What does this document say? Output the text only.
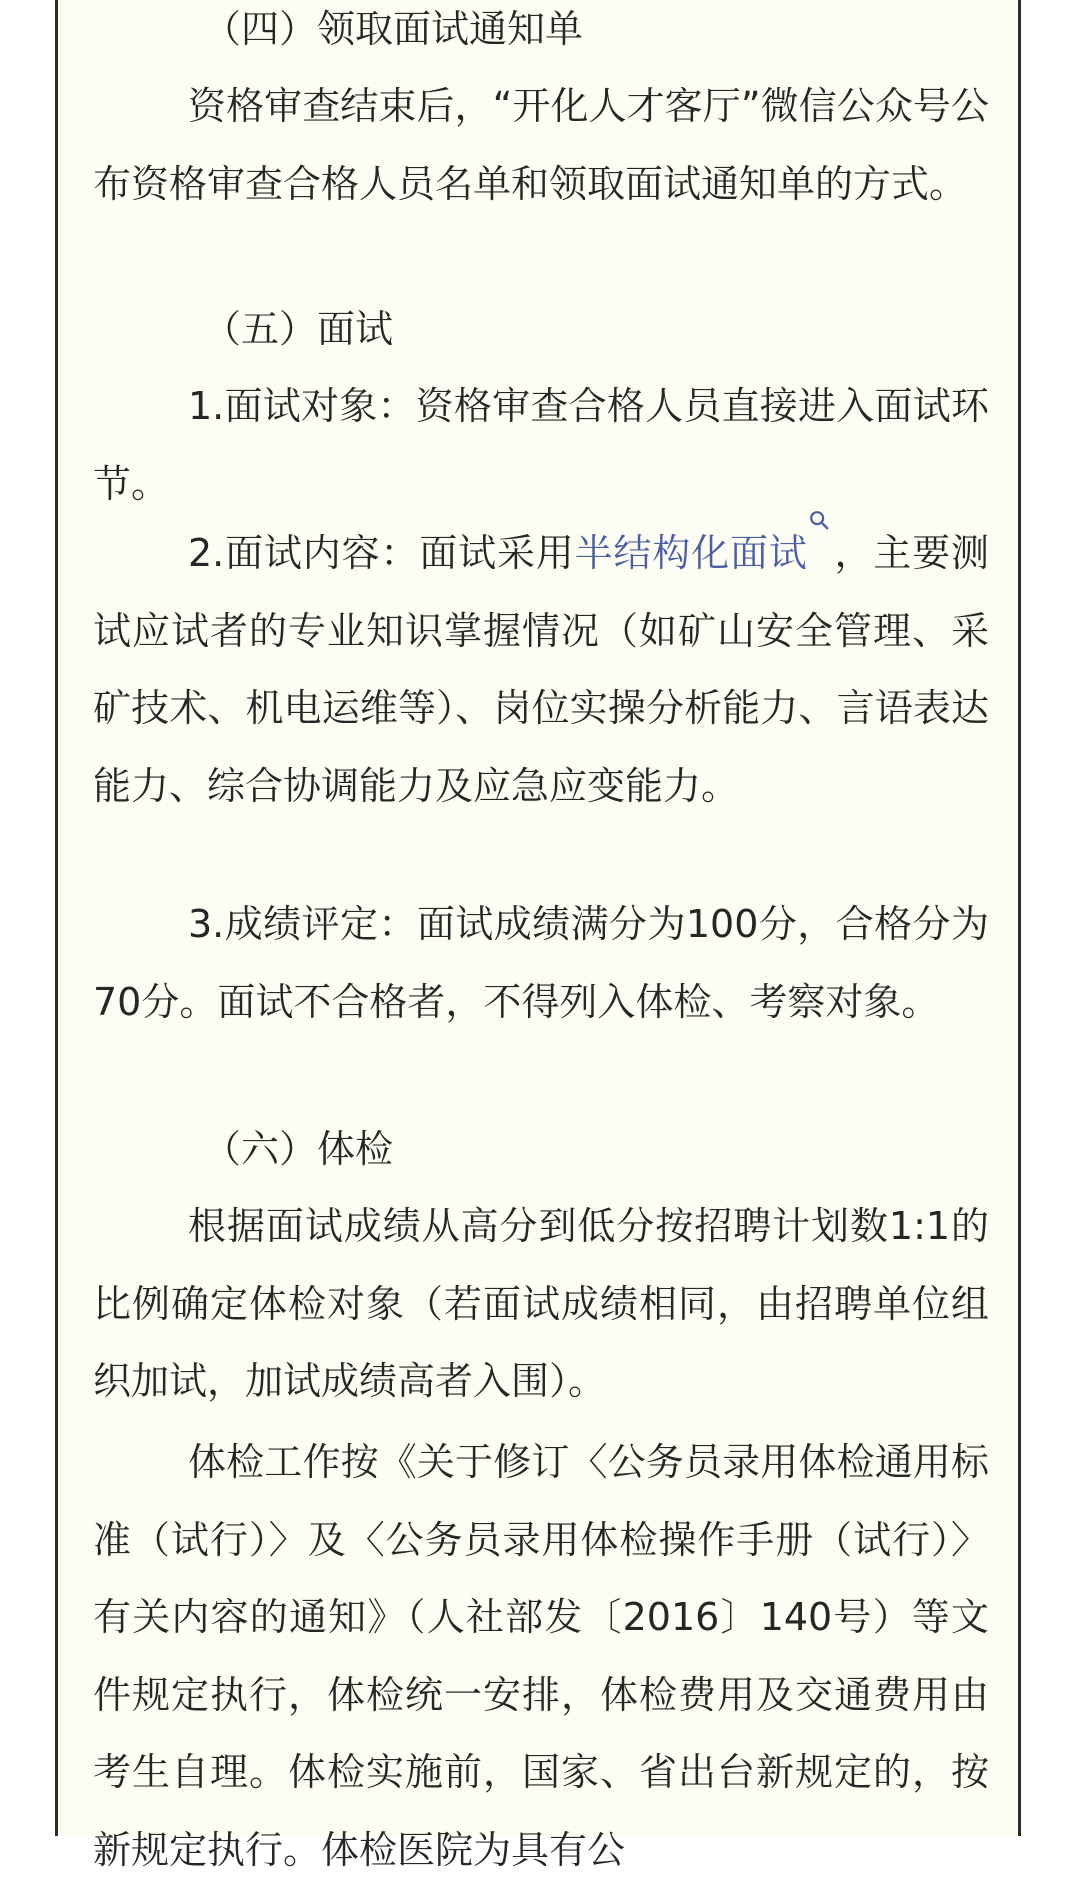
（四）领取面试通知单

资格审查结束后，“开化人才客厅”微信公众号公布资格审查合格人员名单和领取面试通知单的方式。

（五）面试

1.面试对象：资格审查合格人员直接进入面试环节。

2.面试内容：面试采用半结构化面试 ，主要测试应试者的专业知识掌握情况（如矿山安全管理、采矿技术、机电运维等）、岗位实操分析能力、言语表达能力、综合协调能力及应急应变能力。

3.成绩评定：面试成绩满分为100分，合格分为70分。面试不合格者，不得列入体检、考察对象。

（六）体检

根据面试成绩从高分到低分按招聘计划数1:1的比例确定体检对象（若面试成绩相同，由招聘单位组织加试，加试成绩高者入围）。

体检工作按《关于修订〈公务员录用体检通用标准（试行）〉及〈公务员录用体检操作手册（试行）〉有关内容的通知》（人社部发〔2016〕140号）等文件规定执行，体检统一安排，体检费用及交通费用由考生自理。体检实施前，国家、省出台新规定的，按新规定执行。体检医院为具有公
